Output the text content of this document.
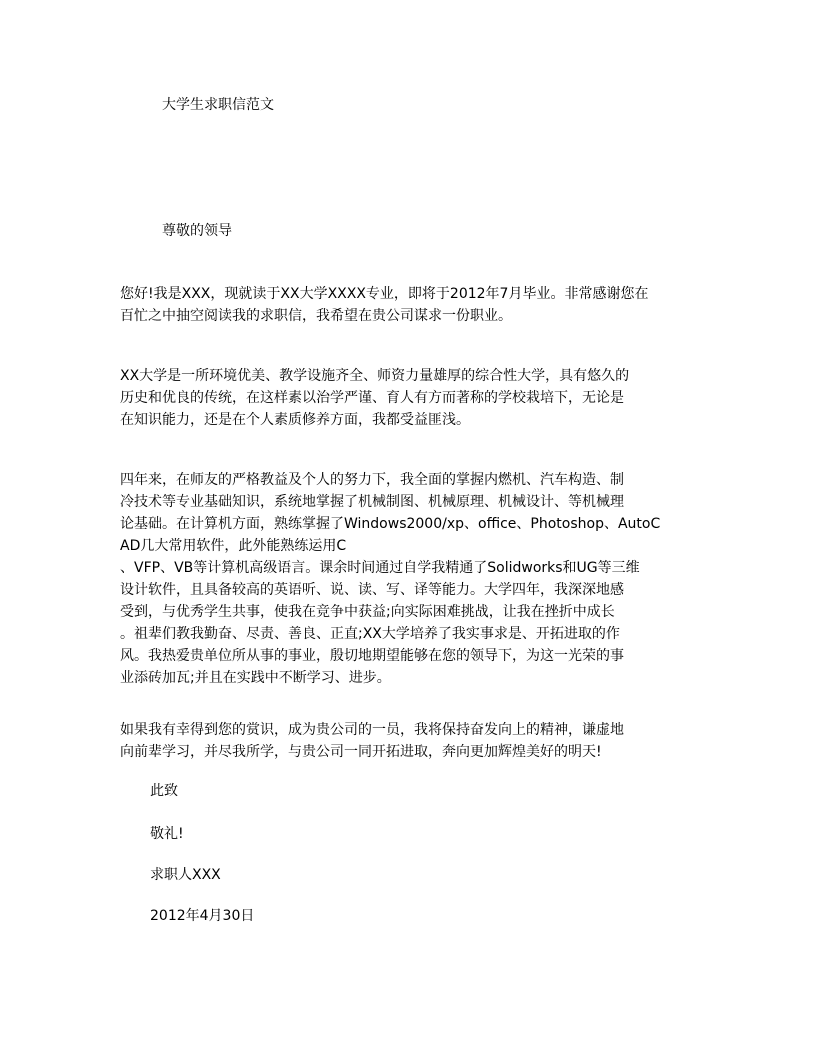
大学生求职信范文
尊敬的领导
您好!我是XXX，现就读于XX大学XXXX专业，即将于2012年7月毕业。非常感谢您在
百忙之中抽空阅读我的求职信，我希望在贵公司谋求一份职业。
XX大学是一所环境优美、教学设施齐全、师资力量雄厚的综合性大学，具有悠久的
历史和优良的传统，在这样素以治学严谨、育人有方而著称的学校栽培下，无论是
在知识能力，还是在个人素质修养方面，我都受益匪浅。
四年来，在师友的严格教益及个人的努力下，我全面的掌握内燃机、汽车构造、制
冷技术等专业基础知识，系统地掌握了机械制图、机械原理、机械设计、等机械理
论基础。在计算机方面，熟练掌握了Windows2000/xp、office、Photoshop、AutoC
AD几大常用软件，此外能熟练运用C
、VFP、VB等计算机高级语言。课余时间通过自学我精通了Solidworks和UG等三维
设计软件，且具备较高的英语听、说、读、写、译等能力。大学四年，我深深地感
受到，与优秀学生共事，使我在竞争中获益;向实际困难挑战，让我在挫折中成长
。祖辈们教我勤奋、尽责、善良、正直;XX大学培养了我实事求是、开拓进取的作
风。我热爱贵单位所从事的事业，殷切地期望能够在您的领导下，为这一光荣的事
业添砖加瓦;并且在实践中不断学习、进步。
如果我有幸得到您的赏识，成为贵公司的一员，我将保持奋发向上的精神，谦虚地
向前辈学习，并尽我所学，与贵公司一同开拓进取，奔向更加辉煌美好的明天!
此致
敬礼!
求职人XXX
2012年4月30日
